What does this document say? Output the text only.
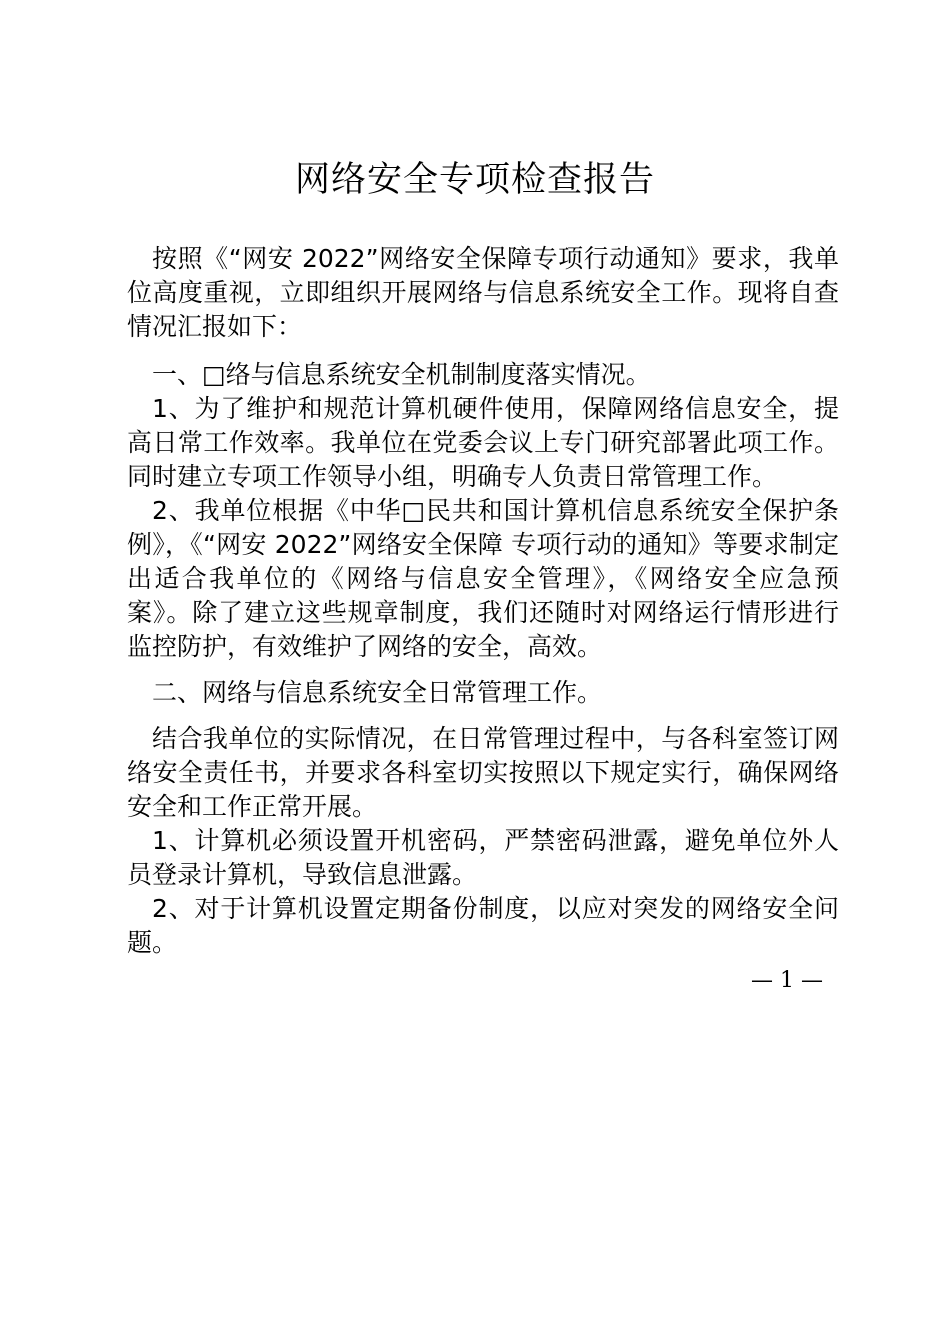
网络安全专项检查报告

按照《“网安 2022”网络安全保障专项行动通知》要求，我单位高度重视，立即组织开展网络与信息系统安全工作。现将自查情况汇报如下：

一、□络与信息系统安全机制制度落实情况。

1、为了维护和规范计算机硬件使用，保障网络信息安全，提高日常工作效率。我单位在党委会议上专门研究部署此项工作。同时建立专项工作领导小组，明确专人负责日常管理工作。

2、我单位根据《中华□民共和国计算机信息系统安全保护条例》，《“网安 2022”网络安全保障 专项行动的通知》等要求制定出适合我单位的《网络与信息安全管理》，《网络安全应急预案》。除了建立这些规章制度，我们还随时对网络运行情形进行监控防护，有效维护了网络的安全，高效。

二、网络与信息系统安全日常管理工作。

结合我单位的实际情况，在日常管理过程中，与各科室签订网络安全责任书，并要求各科室切实按照以下规定实行，确保网络安全和工作正常开展。

1、计算机必须设置开机密码，严禁密码泄露，避免单位外人员登录计算机，导致信息泄露。

2、对于计算机设置定期备份制度，以应对突发的网络安全问题。

— 1 —
